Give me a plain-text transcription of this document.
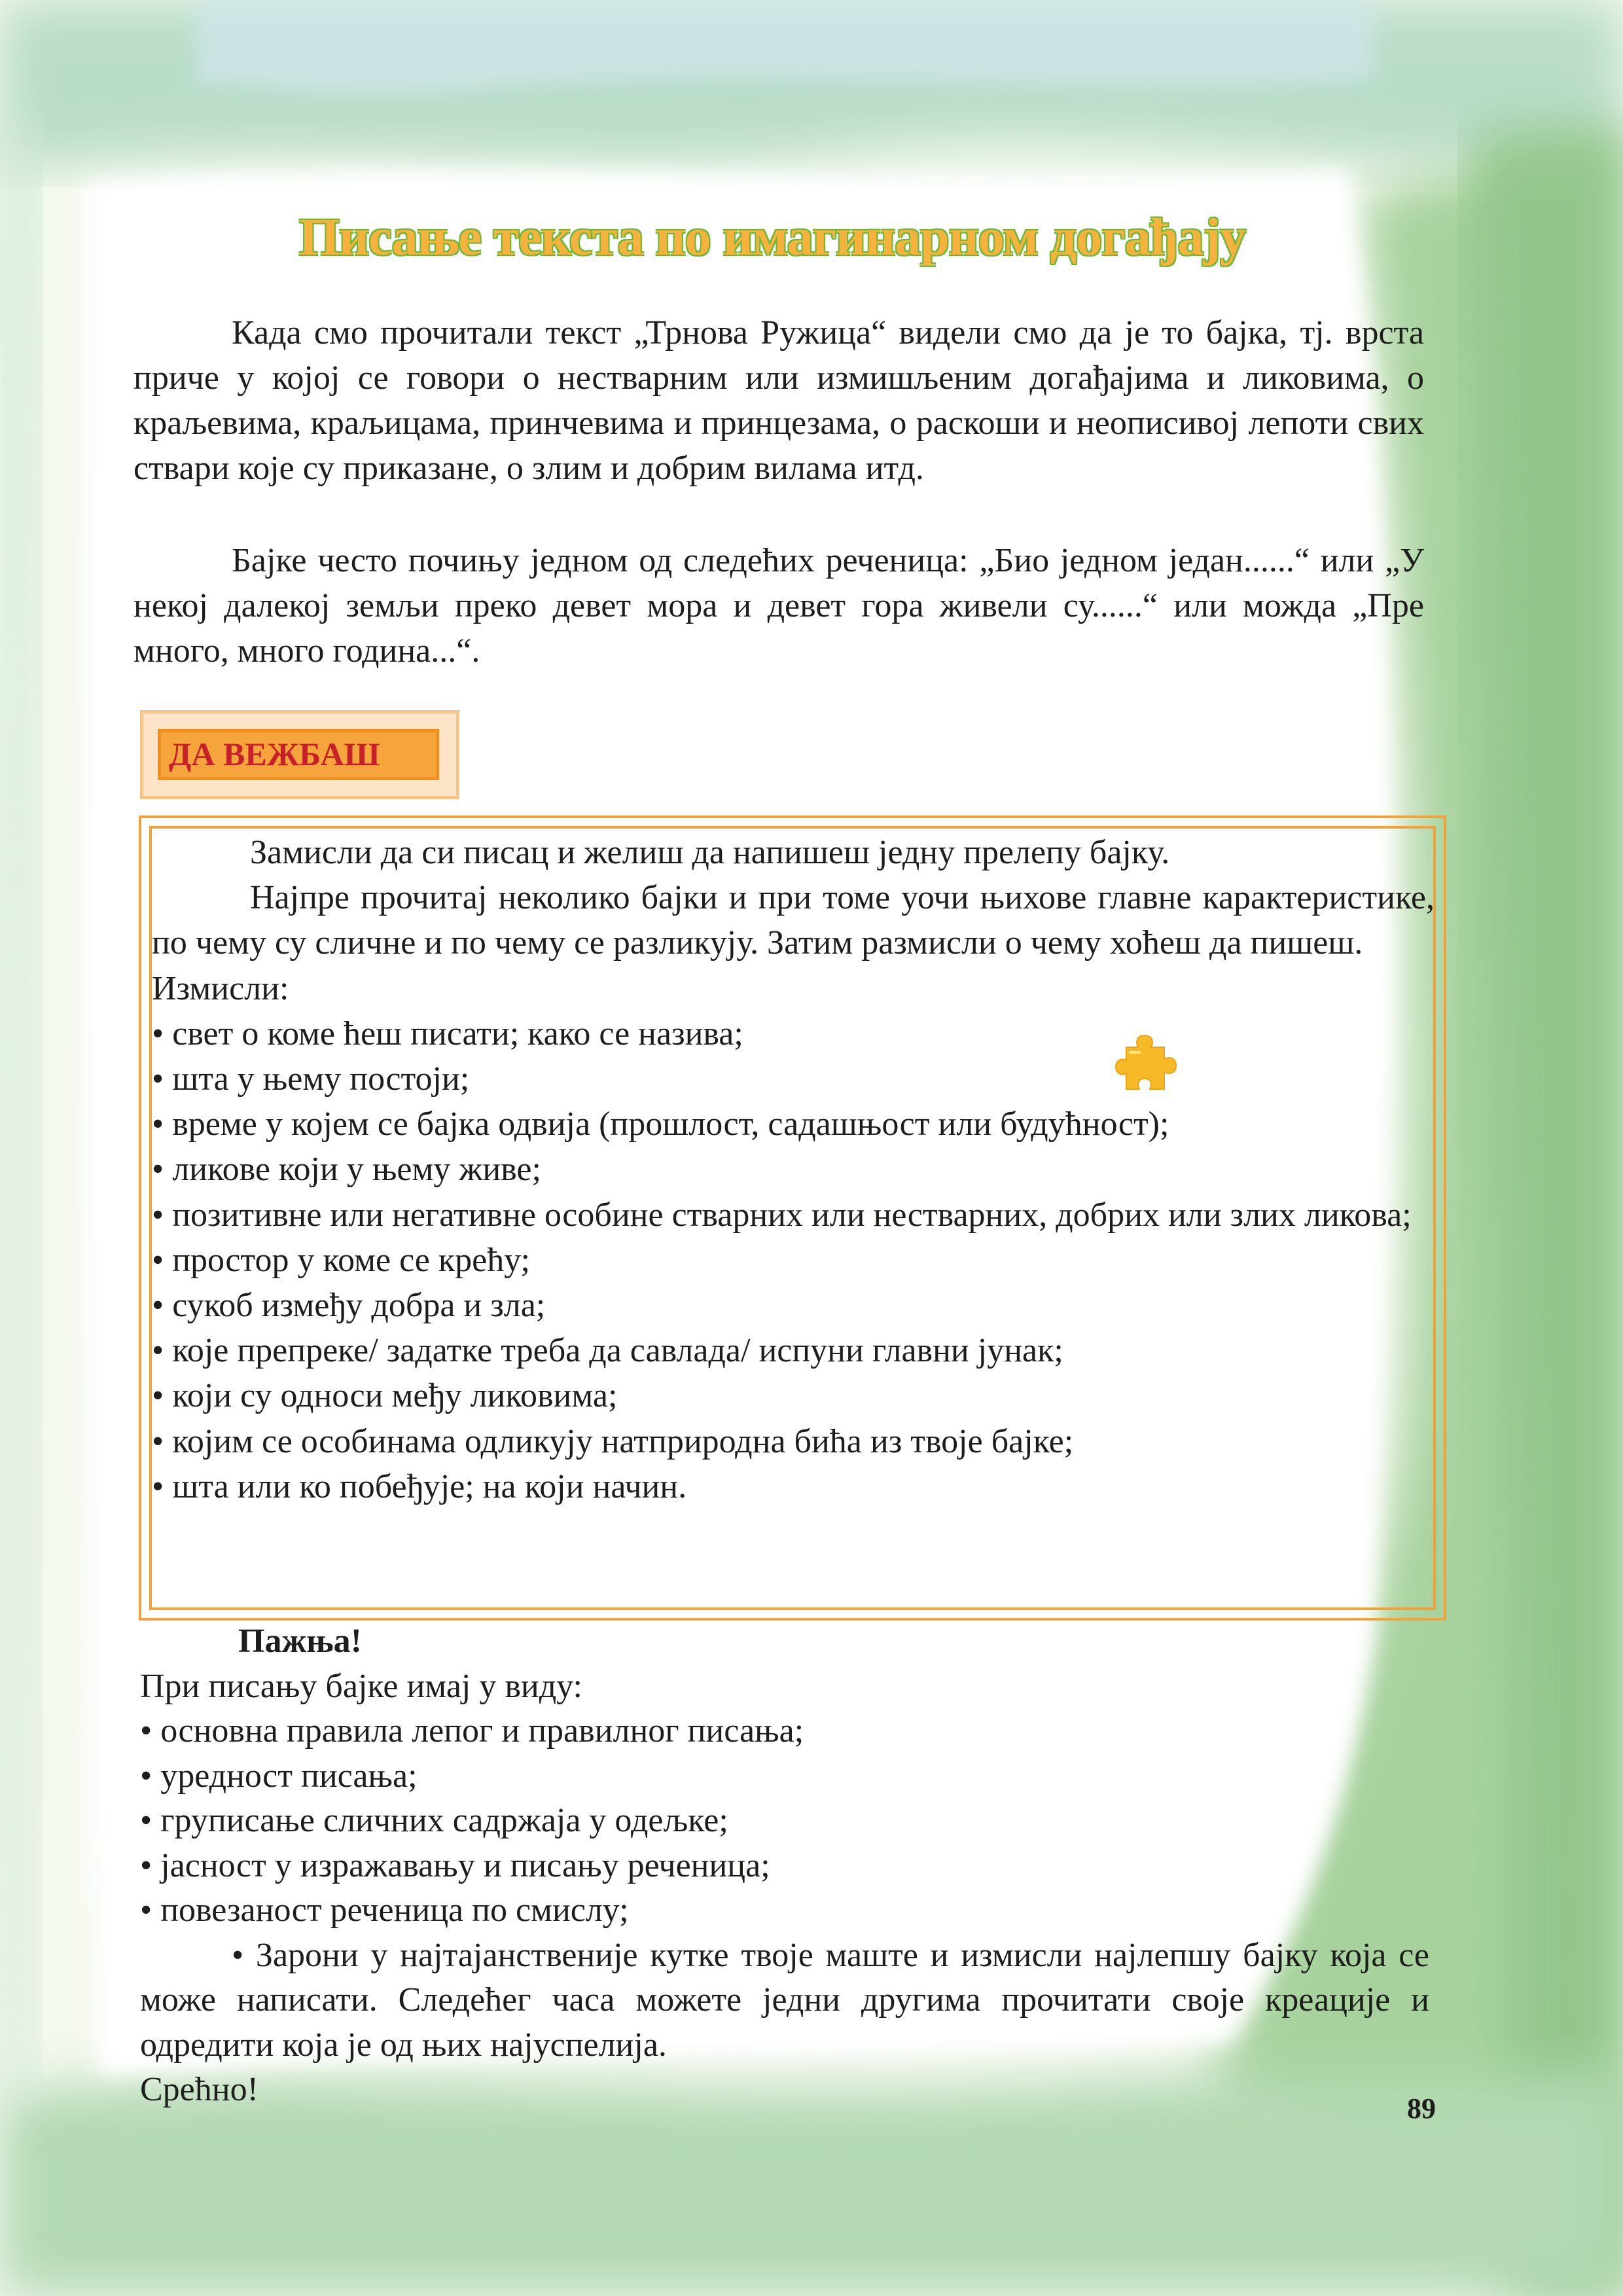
Писање текста по имагинарном догађају

Када смо прочитали текст „Трнова Ружица“ видели смо да је то бајка, тј. врста приче у којој се говори о нестварним или измишљеним догађајима и ликовима, о краљевима, краљицама, принчевима и принцезама, о раскоши и неописивој лепоти свих ствари које су приказане, о злим и добрим вилама итд.

Бајке често почињу једном од следећих реченица: „Био једном један......“ или „У некој далекој земљи преко девет мора и девет гора живели су......“ или можда „Пре много, много година...“.

ДА ВЕЖБАШ
Замисли да си писац и желиш да напишеш једну прелепу бајку.
Најпре прочитај неколико бајки и при томе уочи њихове главне карактеристике, по чему су сличне и по чему се разликују. Затим размисли о чему хоћеш да пишеш.
Измисли:
• свет о коме ћеш писати; како се назива;
• шта у њему постоји;
• време у којем се бајка одвија (прошлост, садашњост или будућност);
• ликове који у њему живе;
• позитивне или негативне особине стварних или нестварних, добрих или злих ликова;
• простор у коме се крећу;
• сукоб између добра и зла;
• које препреке/ задатке треба да савлада/ испуни главни јунак;
• који су односи међу ликовима;
• којим се особинама одликују натприродна бића из твоје бајке;
• шта или ко побеђује; на који начин.
Пажња!
При писању бајке имај у виду:
• основна правила лепог и правилног писања;
• уредност писања;
• груписање сличних садржаја у одељке;
• јасност у изражавању и писању реченица;
• повезаност реченица по смислу;
• Зарони у најтајанственије кутке твоје маште и измисли најлепшу бајку која се може написати. Следећег часа можете једни другима прочитати своје креације и одредити која је од њих најуспелија.
Срећно!
89
